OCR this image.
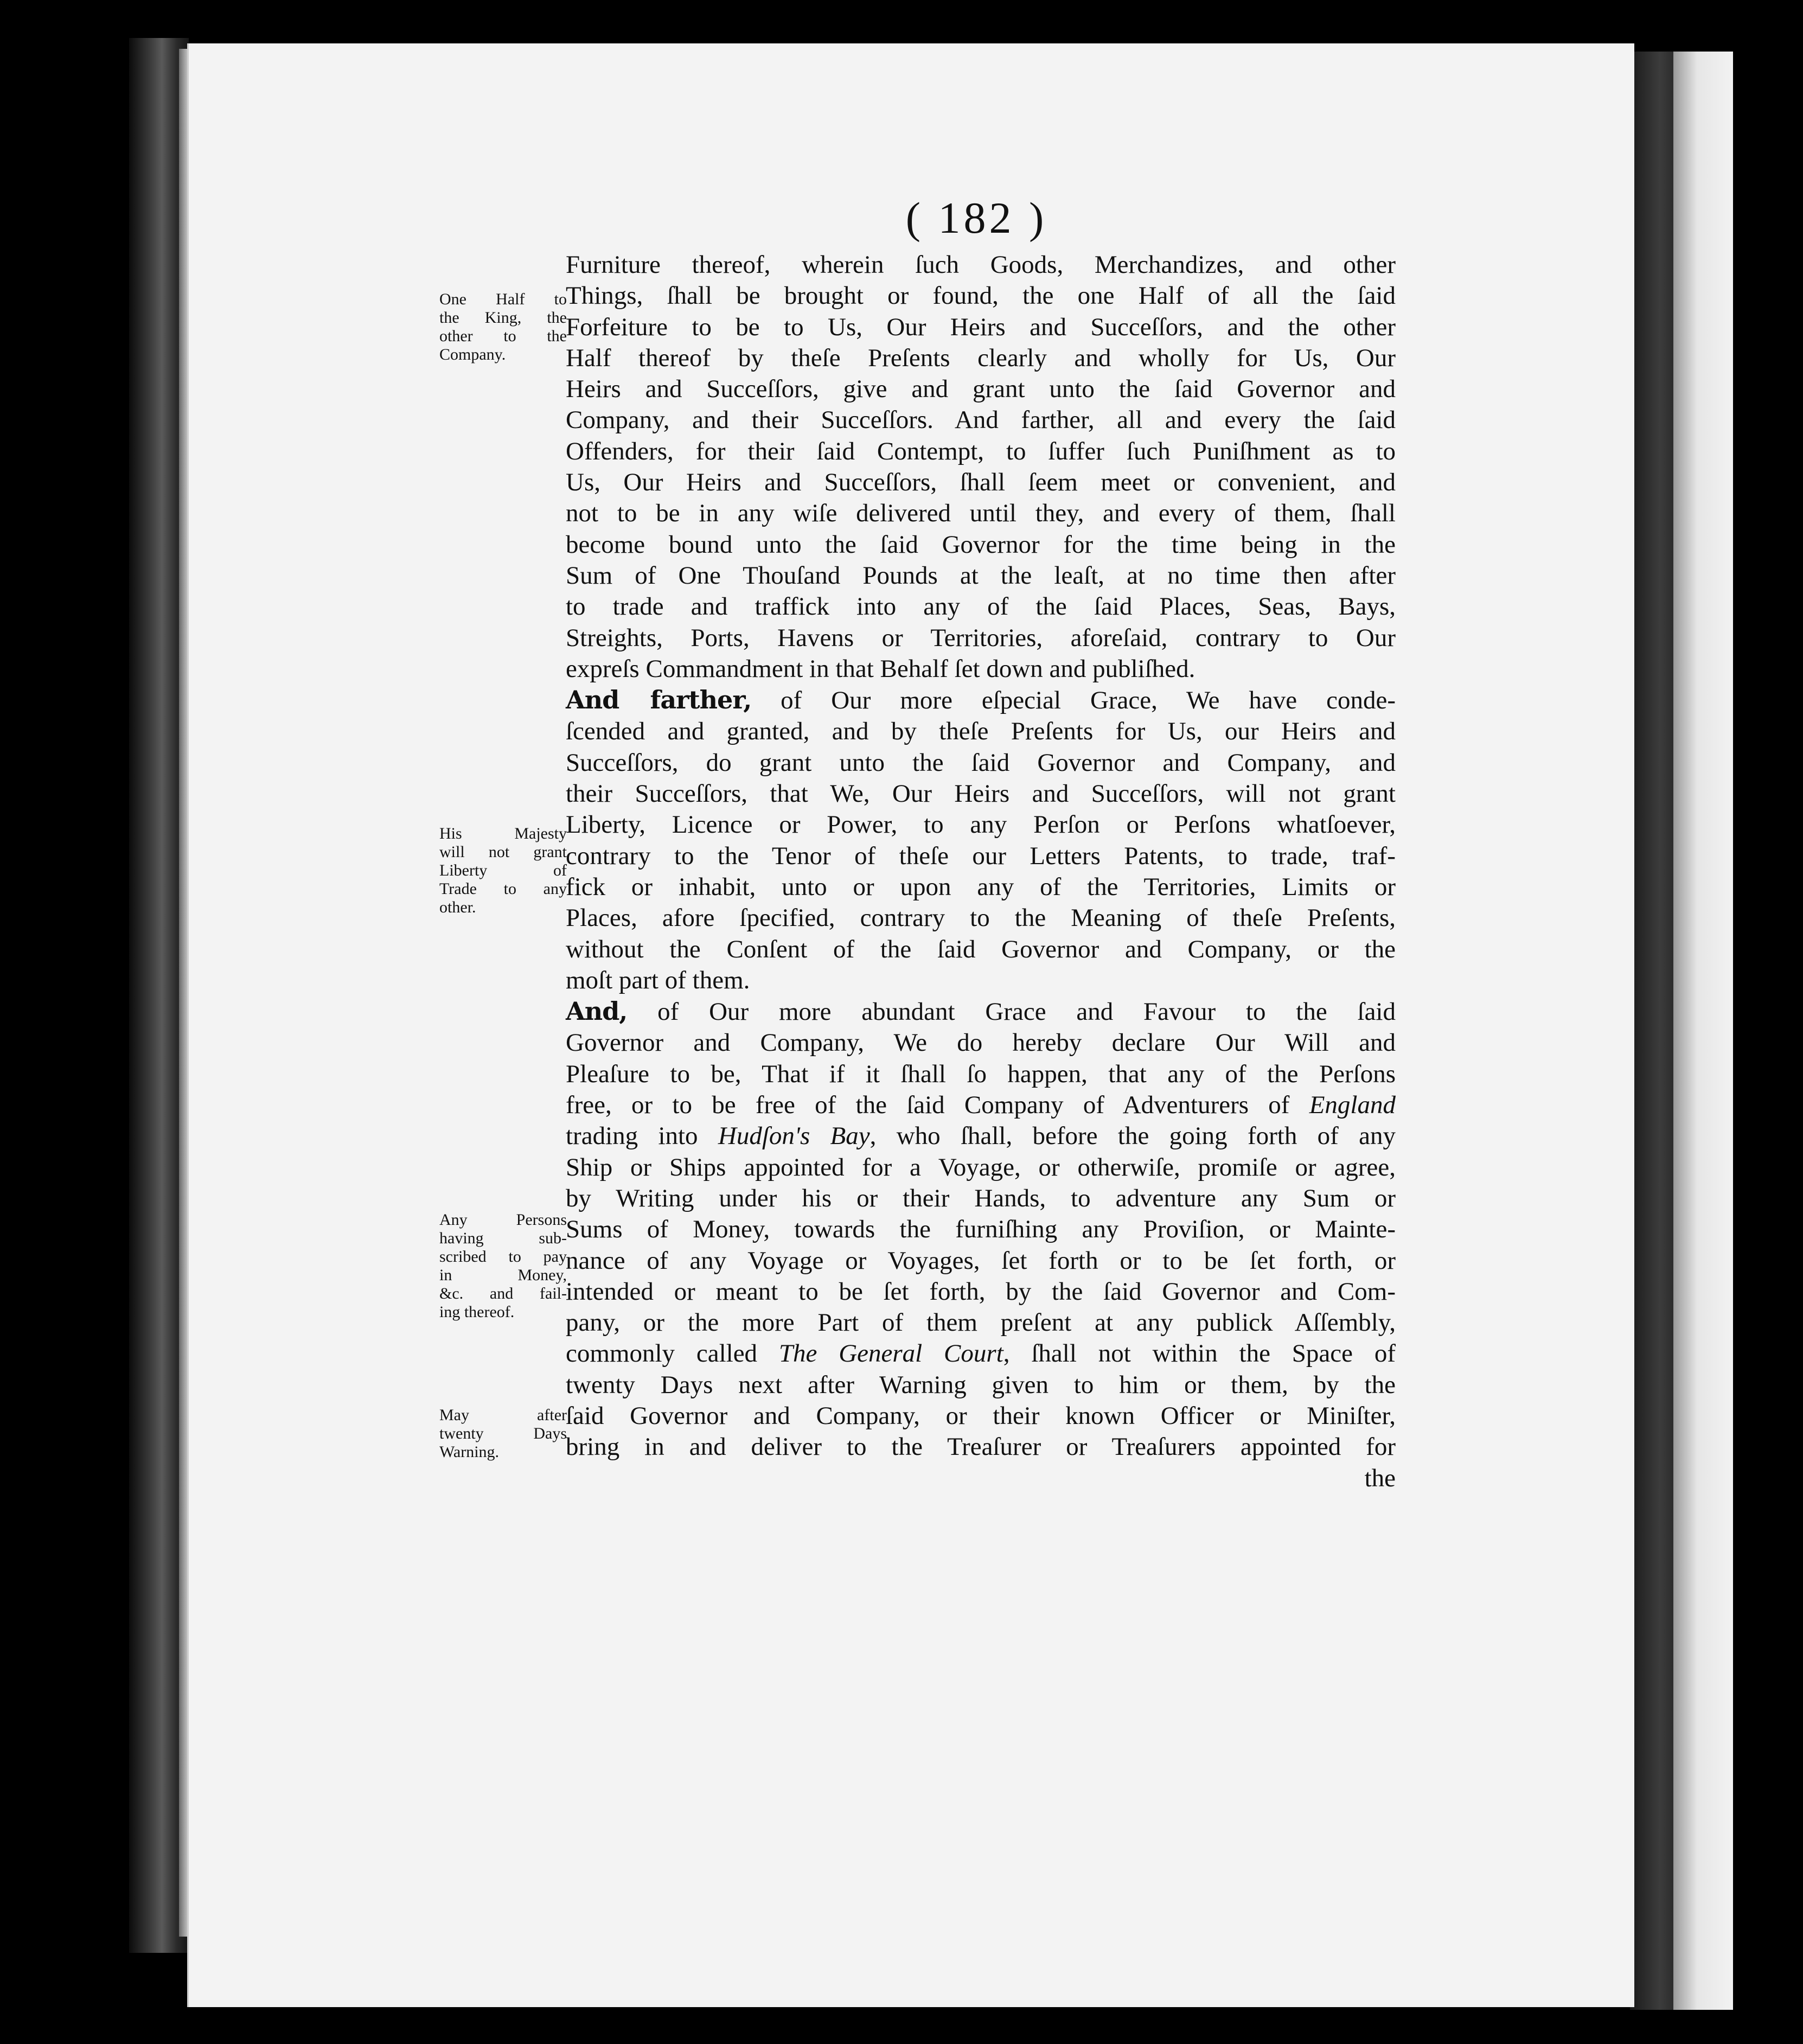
( 182 )
One Half to
the King, the
other to the
Company.
His Majesty
will not grant
Liberty of
Trade to any
other.
Any Persons
having sub-
scribed to pay
in Money,
&c. and fail-
ing thereof.
May after
twenty Days
Warning.
Furniture thereof, wherein ſuch Goods, Merchandizes, and other
Things, ſhall be brought or found, the one Half of all the ſaid
Forfeiture to be to Us, Our Heirs and Succeſſors, and the other
Half thereof by theſe Preſents clearly and wholly for Us, Our
Heirs and Succeſſors, give and grant unto the ſaid Governor and
Company, and their Succeſſors. And farther, all and every the ſaid
Offenders, for their ſaid Contempt, to ſuffer ſuch Puniſhment as to
Us, Our Heirs and Succeſſors, ſhall ſeem meet or convenient, and
not to be in any wiſe delivered until they, and every of them, ſhall
become bound unto the ſaid Governor for the time being in the
Sum of One Thouſand Pounds at the leaſt, at no time then after
to trade and traffick into any of the ſaid Places, Seas, Bays,
Streights, Ports, Havens or Territories, aforeſaid, contrary to Our
expreſs Commandment in that Behalf ſet down and publiſhed.
And farther, of Our more eſpecial Grace, We have conde-
ſcended and granted, and by theſe Preſents for Us, our Heirs and
Succeſſors, do grant unto the ſaid Governor and Company, and
their Succeſſors, that We, Our Heirs and Succeſſors, will not grant
Liberty, Licence or Power, to any Perſon or Perſons whatſoever,
contrary to the Tenor of theſe our Letters Patents, to trade, traf-
fick or inhabit, unto or upon any of the Territories, Limits or
Places, afore ſpecified, contrary to the Meaning of theſe Preſents,
without the Conſent of the ſaid Governor and Company, or the
moſt part of them.
And, of Our more abundant Grace and Favour to the ſaid
Governor and Company, We do hereby declare Our Will and
Pleaſure to be, That if it ſhall ſo happen, that any of the Perſons
free, or to be free of the ſaid Company of Adventurers of England
trading into Hudſon's Bay, who ſhall, before the going forth of any
Ship or Ships appointed for a Voyage, or otherwiſe, promiſe or agree,
by Writing under his or their Hands, to adventure any Sum or
Sums of Money, towards the furniſhing any Proviſion, or Mainte-
nance of any Voyage or Voyages, ſet forth or to be ſet forth, or
intended or meant to be ſet forth, by the ſaid Governor and Com-
pany, or the more Part of them preſent at any publick Aſſembly,
commonly called The General Court, ſhall not within the Space of
twenty Days next after Warning given to him or them, by the
ſaid Governor and Company, or their known Officer or Miniſter,
bring in and deliver to the Treaſurer or Treaſurers appointed for
the
